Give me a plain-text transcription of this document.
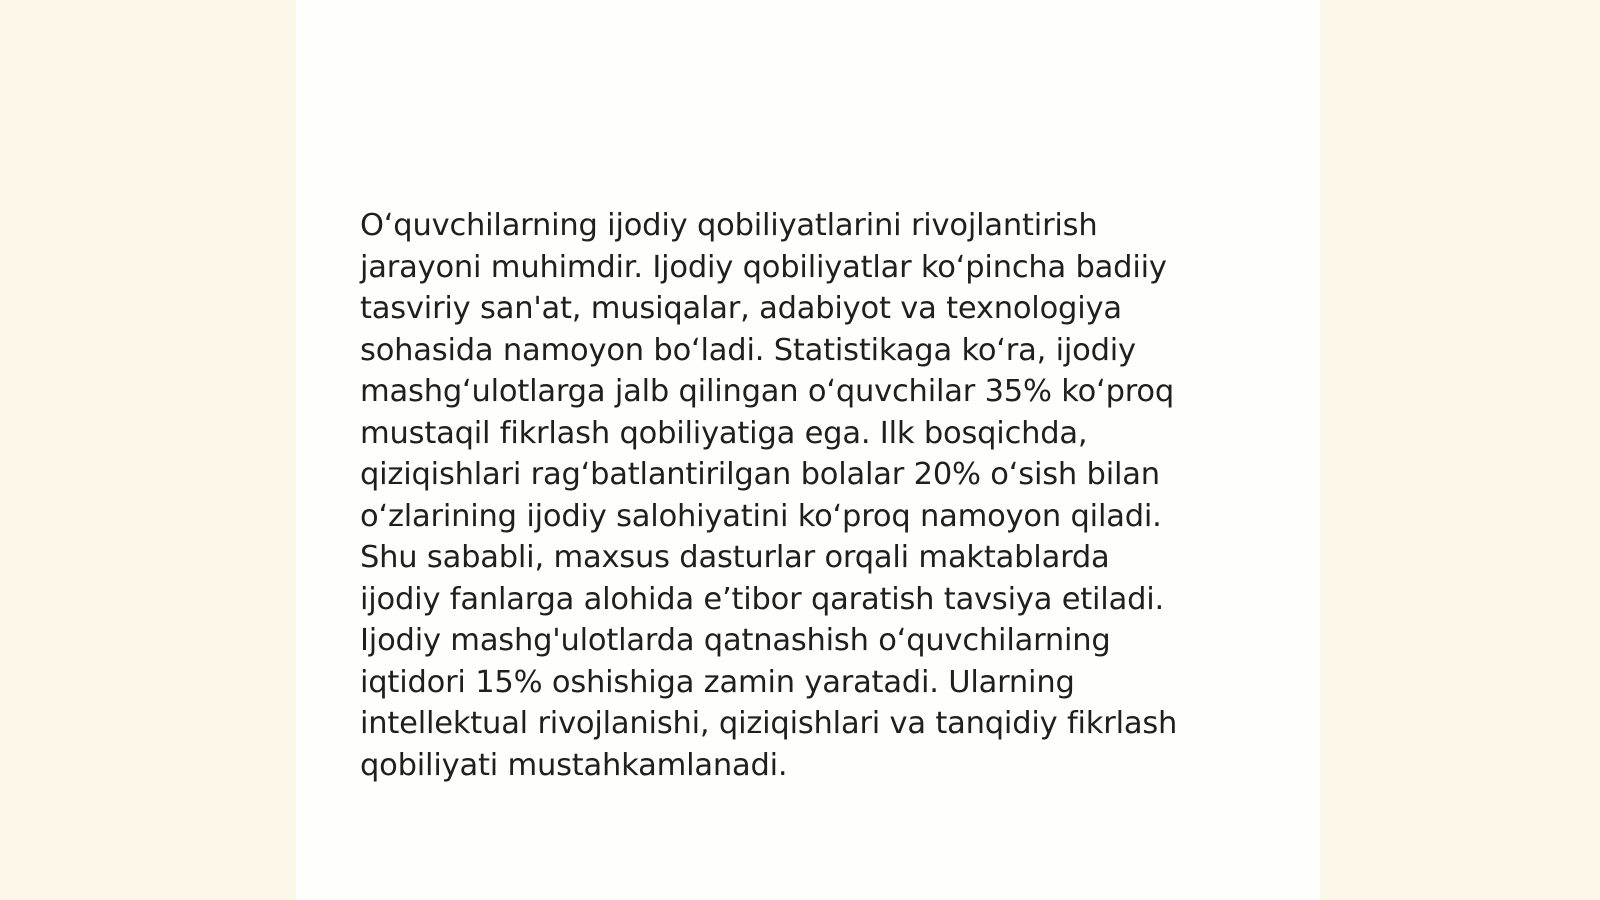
Oʻquvchilarning ijodiy qobiliyatlarini rivojlantirish
jarayoni muhimdir. Ijodiy qobiliyatlar koʻpincha badiiy
tasviriy san'at, musiqalar, adabiyot va texnologiya
sohasida namoyon boʻladi. Statistikaga koʻra, ijodiy
mashgʻulotlarga jalb qilingan oʻquvchilar 35% koʻproq
mustaqil fikrlash qobiliyatiga ega. Ilk bosqichda,
qiziqishlari ragʻbatlantirilgan bolalar 20% oʻsish bilan
oʻzlarining ijodiy salohiyatini koʻproq namoyon qiladi.
Shu sababli, maxsus dasturlar orqali maktablarda
ijodiy fanlarga alohida eʼtibor qaratish tavsiya etiladi.
Ijodiy mashg'ulotlarda qatnashish oʻquvchilarning
iqtidori 15% oshishiga zamin yaratadi. Ularning
intellektual rivojlanishi, qiziqishlari va tanqidiy fikrlash
qobiliyati mustahkamlanadi.
